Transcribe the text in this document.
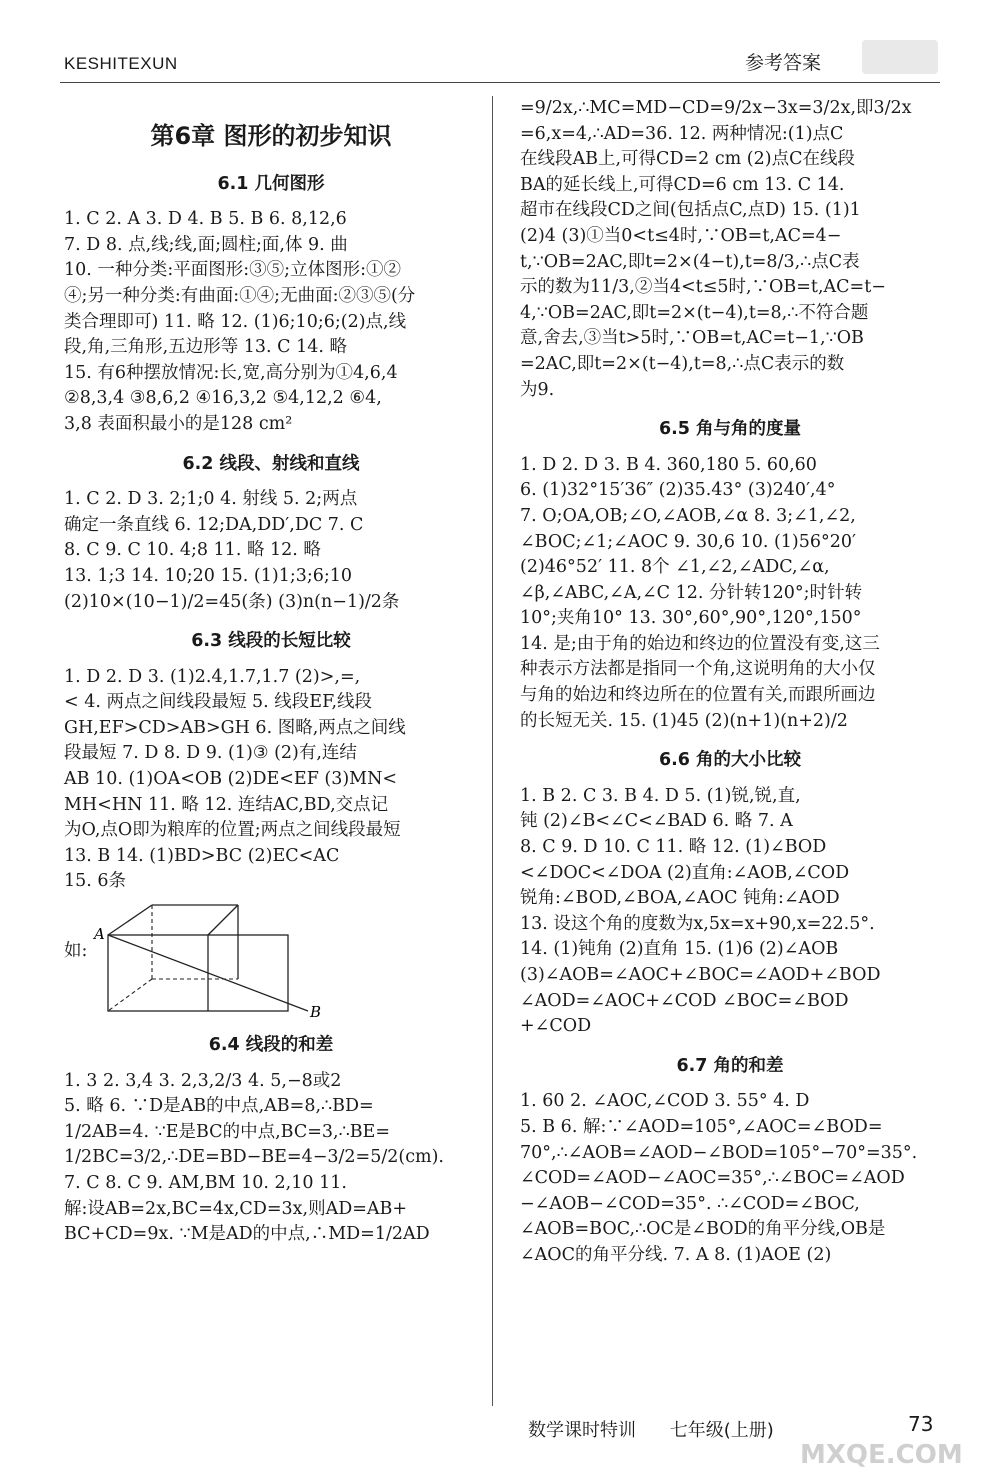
KESHITEXUN	参考答案

第6章 图形的初步知识

6.1 几何图形

1. C 2. A 3. D 4. B 5. B 6. 8,12,6

7. D 8. 点,线;线,面;圆柱;面,体 9. 曲

10. 一种分类:平面图形:③⑤;立体图形:①②

④;另一种分类:有曲面:①④;无曲面:②③⑤(分

类合理即可) 11. 略 12. (1)6;10;6;(2)点,线

段,角,三角形,五边形等 13. C 14. 略

15. 有6种摆放情况:长,宽,高分别为①4,6,4

②8,3,4 ③8,6,2 ④16,3,2 ⑤4,12,2 ⑥4,

3,8 表面积最小的是128 cm²

6.2 线段、射线和直线

1. C 2. D 3. 2;1;0 4. 射线 5. 2;两点

确定一条直线 6. 12;DA,DD′,DC 7. C

8. C 9. C 10. 4;8 11. 略 12. 略

13. 1;3 14. 10;20 15. (1)1;3;6;10

(2)10×(10−1)/2=45(条) (3)n(n−1)/2条

6.3 线段的长短比较

1. D 2. D 3. (1)2.4,1.7,1.7 (2)>,=,

< 4. 两点之间线段最短 5. 线段EF,线段

GH,EF>CD>AB>GH 6. 图略,两点之间线

段最短 7. D 8. D 9. (1)③ (2)有,连结

AB 10. (1)OA<OB (2)DE<EF (3)MN<

MH<HN 11. 略 12. 连结AC,BD,交点记

为O,点O即为粮库的位置;两点之间线段最短

13. B 14. (1)BD>BC (2)EC<AC

15. 6条

如:
A
B

6.4 线段的和差

1. 3 2. 3,4 3. 2,3,2/3 4. 5,−8或2

5. 略 6. ∵D是AB的中点,AB=8,∴BD=

1/2AB=4. ∵E是BC的中点,BC=3,∴BE=

1/2BC=3/2,∴DE=BD−BE=4−3/2=5/2(cm).

7. C 8. C 9. AM,BM 10. 2,10 11.

解:设AB=2x,BC=4x,CD=3x,则AD=AB+

BC+CD=9x. ∵M是AD的中点,∴MD=1/2AD

=9/2x,∴MC=MD−CD=9/2x−3x=3/2x,即3/2x

=6,x=4,∴AD=36. 12. 两种情况:(1)点C

在线段AB上,可得CD=2 cm (2)点C在线段

BA的延长线上,可得CD=6 cm 13. C 14.

超市在线段CD之间(包括点C,点D) 15. (1)1

(2)4 (3)①当0<t≤4时,∵OB=t,AC=4−

t,∵OB=2AC,即t=2×(4−t),t=8/3,∴点C表

示的数为11/3,②当4<t≤5时,∵OB=t,AC=t−

4,∵OB=2AC,即t=2×(t−4),t=8,∴不符合题

意,舍去,③当t>5时,∵OB=t,AC=t−1,∵OB

=2AC,即t=2×(t−4),t=8,∴点C表示的数

为9.

6.5 角与角的度量

1. D 2. D 3. B 4. 360,180 5. 60,60

6. (1)32°15′36″ (2)35.43° (3)240′,4°

7. O;OA,OB;∠O,∠AOB,∠α 8. 3;∠1,∠2,

∠BOC;∠1;∠AOC 9. 30,6 10. (1)56°20′

(2)46°52′ 11. 8个 ∠1,∠2,∠ADC,∠α,

∠β,∠ABC,∠A,∠C 12. 分针转120°;时针转

10°;夹角10° 13. 30°,60°,90°,120°,150°

14. 是;由于角的始边和终边的位置没有变,这三

种表示方法都是指同一个角,这说明角的大小仅

与角的始边和终边所在的位置有关,而跟所画边

的长短无关. 15. (1)45 (2)(n+1)(n+2)/2

6.6 角的大小比较

1. B 2. C 3. B 4. D 5. (1)锐,锐,直,

钝 (2)∠B<∠C<∠BAD 6. 略 7. A

8. C 9. D 10. C 11. 略 12. (1)∠BOD

<∠DOC<∠DOA (2)直角:∠AOB,∠COD

锐角:∠BOD,∠BOA,∠AOC 钝角:∠AOD

13. 设这个角的度数为x,5x=x+90,x=22.5°.

14. (1)钝角 (2)直角 15. (1)6 (2)∠AOB

(3)∠AOB=∠AOC+∠BOC=∠AOD+∠BOD

∠AOD=∠AOC+∠COD ∠BOC=∠BOD

+∠COD

6.7 角的和差

1. 60 2. ∠AOC,∠COD 3. 55° 4. D

5. B 6. 解:∵∠AOD=105°,∠AOC=∠BOD=

70°,∴∠AOB=∠AOD−∠BOD=105°−70°=35°.

∠COD=∠AOD−∠AOC=35°,∴∠BOC=∠AOD

−∠AOB−∠COD=35°. ∴∠COD=∠BOC,

∠AOB=BOC,∴OC是∠BOD的角平分线,OB是

∠AOC的角平分线. 7. A 8. (1)AOE (2)

数学课时特训 七年级(上册)	73
MXQE.COM
